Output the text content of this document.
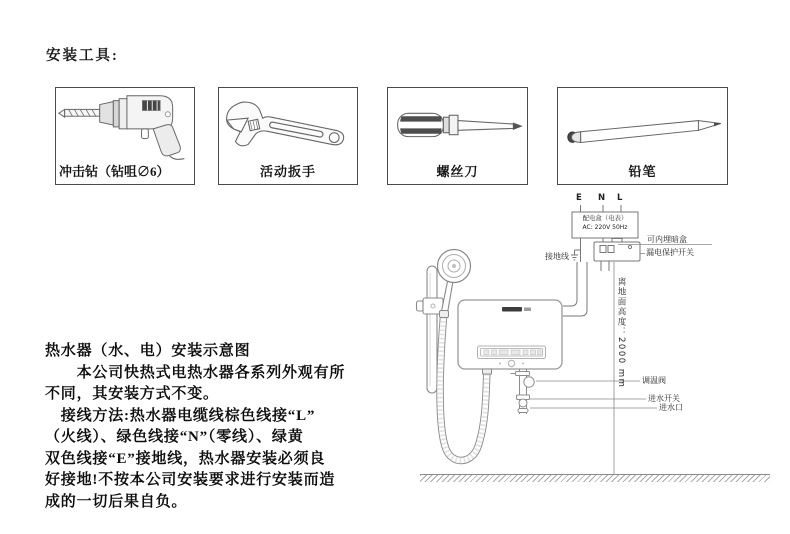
安装工具:
冲击钻（钻咀∅6）	活动扳手	螺丝刀	铅笔
热水器（水、电）安装示意图
　　本公司快热式电热水器各系列外观有所
不同，其安装方式不变。
　接线方法:热水器电缆线棕色线接“L”
（火线）、绿色线接“N”（零线）、绿黄
双色线接“E”接地线，热水器安装必须良
好接地!不按本公司安装要求进行安装而造
成的一切后果自负。
E N L
配电盒（电表）
AC: 220V 50Hz
接地线
可内埋暗盒
漏电保护开关
离地面高度：2000 mm 调温阀
进水开关
进水口
